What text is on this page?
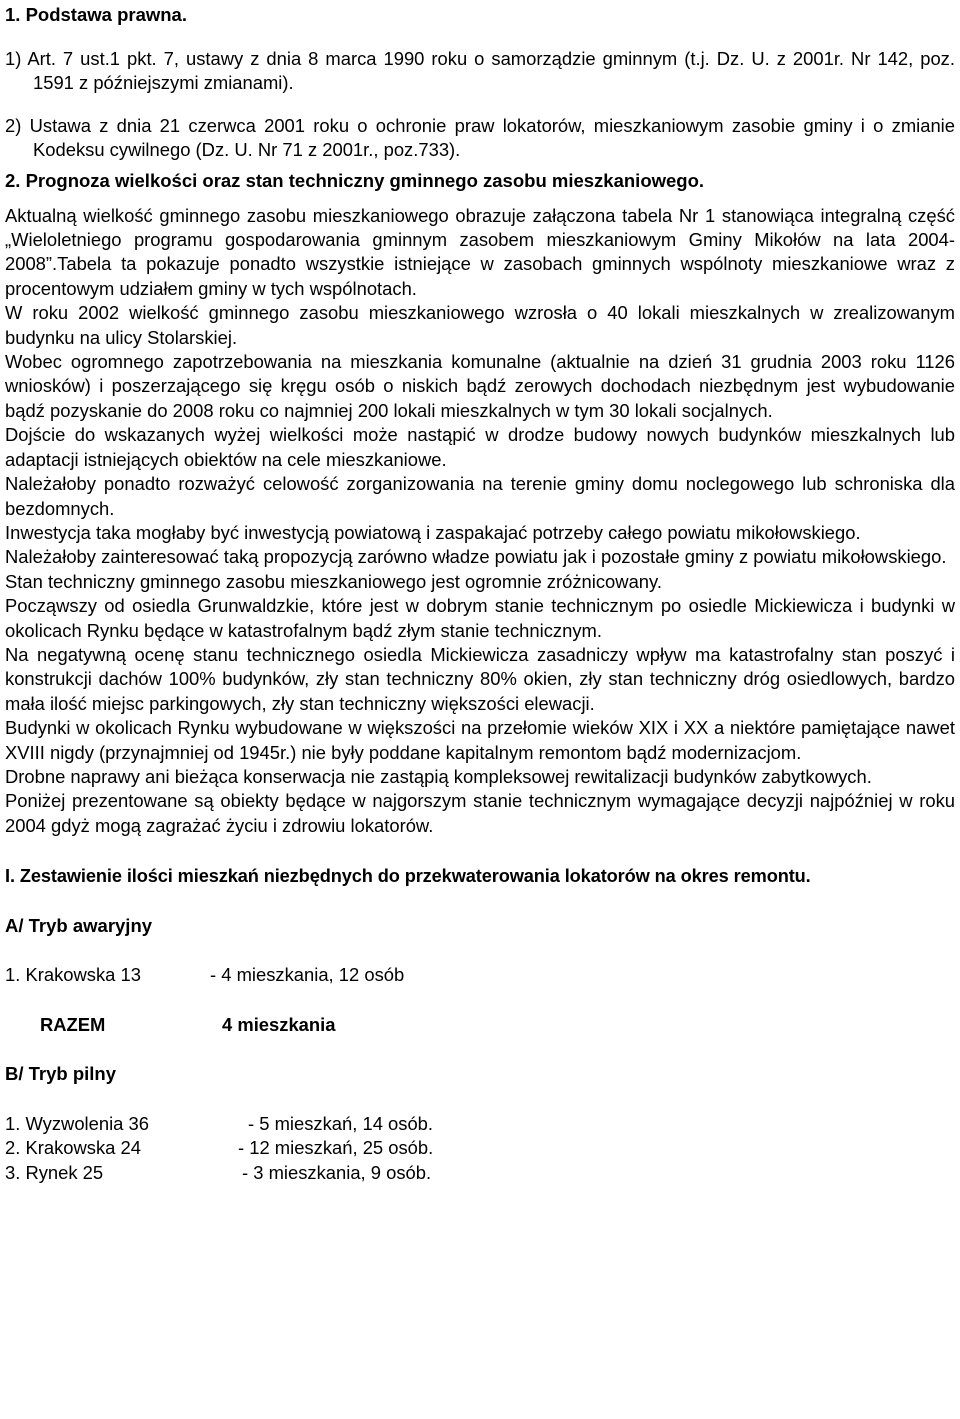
1. Podstawa prawna.

1) Art. 7 ust.1 pkt. 7, ustawy z dnia 8 marca 1990 roku o samorządzie gminnym (t.j. Dz. U. z 2001r. Nr 142, poz. 1591 z późniejszymi zmianami).

2) Ustawa z dnia 21 czerwca 2001 roku o ochronie praw lokatorów, mieszkaniowym zasobie gminy i o zmianie Kodeksu cywilnego (Dz. U. Nr 71 z 2001r., poz.733).

2. Prognoza wielkości oraz stan techniczny gminnego zasobu mieszkaniowego.

Aktualną wielkość gminnego zasobu mieszkaniowego obrazuje załączona tabela Nr 1 stanowiąca integralną część „Wieloletniego programu gospodarowania gminnym zasobem mieszkaniowym Gminy Mikołów na lata 2004-2008”.Tabela ta pokazuje ponadto wszystkie istniejące w zasobach gminnych wspólnoty mieszkaniowe wraz z procentowym udziałem gminy w tych wspólnotach.

W roku 2002 wielkość gminnego zasobu mieszkaniowego wzrosła o 40 lokali mieszkalnych w zrealizowanym budynku na ulicy Stolarskiej.

Wobec ogromnego zapotrzebowania na mieszkania komunalne (aktualnie na dzień 31 grudnia 2003 roku 1126 wniosków) i poszerzającego się kręgu osób o niskich bądź zerowych dochodach niezbędnym jest wybudowanie bądź pozyskanie do 2008 roku co najmniej 200 lokali mieszkalnych w tym 30 lokali socjalnych.

Dojście do wskazanych wyżej wielkości może nastąpić w drodze budowy nowych budynków mieszkalnych lub adaptacji istniejących obiektów na cele mieszkaniowe.

Należałoby ponadto rozważyć celowość zorganizowania na terenie gminy domu noclegowego lub schroniska dla bezdomnych.

Inwestycja taka mogłaby być inwestycją powiatową i zaspakajać potrzeby całego powiatu mikołowskiego.

Należałoby zainteresować taką propozycją zarówno władze powiatu jak i pozostałe gminy z powiatu mikołowskiego.

Stan techniczny gminnego zasobu mieszkaniowego jest ogromnie zróżnicowany.

Począwszy od osiedla Grunwaldzkie, które jest w dobrym stanie technicznym po osiedle Mickiewicza i budynki w okolicach Rynku będące w katastrofalnym bądź złym stanie technicznym.

Na negatywną ocenę stanu technicznego osiedla Mickiewicza zasadniczy wpływ ma katastrofalny stan poszyć i konstrukcji dachów 100% budynków, zły stan techniczny 80% okien, zły stan techniczny dróg osiedlowych, bardzo mała ilość miejsc parkingowych, zły stan techniczny większości elewacji.

Budynki w okolicach Rynku wybudowane w większości na przełomie wieków XIX i XX a niektóre pamiętające nawet XVIII nigdy (przynajmniej od 1945r.) nie były poddane kapitalnym remontom bądź modernizacjom.

Drobne naprawy ani bieżąca konserwacja nie zastąpią kompleksowej rewitalizacji budynków zabytkowych.

Poniżej prezentowane są obiekty będące w najgorszym stanie technicznym wymagające decyzji najpóźniej w roku 2004 gdyż mogą zagrażać życiu i zdrowiu lokatorów.

I. Zestawienie ilości mieszkań niezbędnych do przekwaterowania lokatorów na okres remontu.
A/ Tryb awaryjny
1. Krakowska 13	- 4 mieszkania, 12 osób
RAZEM	4 mieszkania
B/ Tryb pilny
1. Wyzwolenia 36	- 5 mieszkań, 14 osób.
2. Krakowska 24	- 12 mieszkań, 25 osób.
3. Rynek 25	- 3 mieszkania, 9 osób.
